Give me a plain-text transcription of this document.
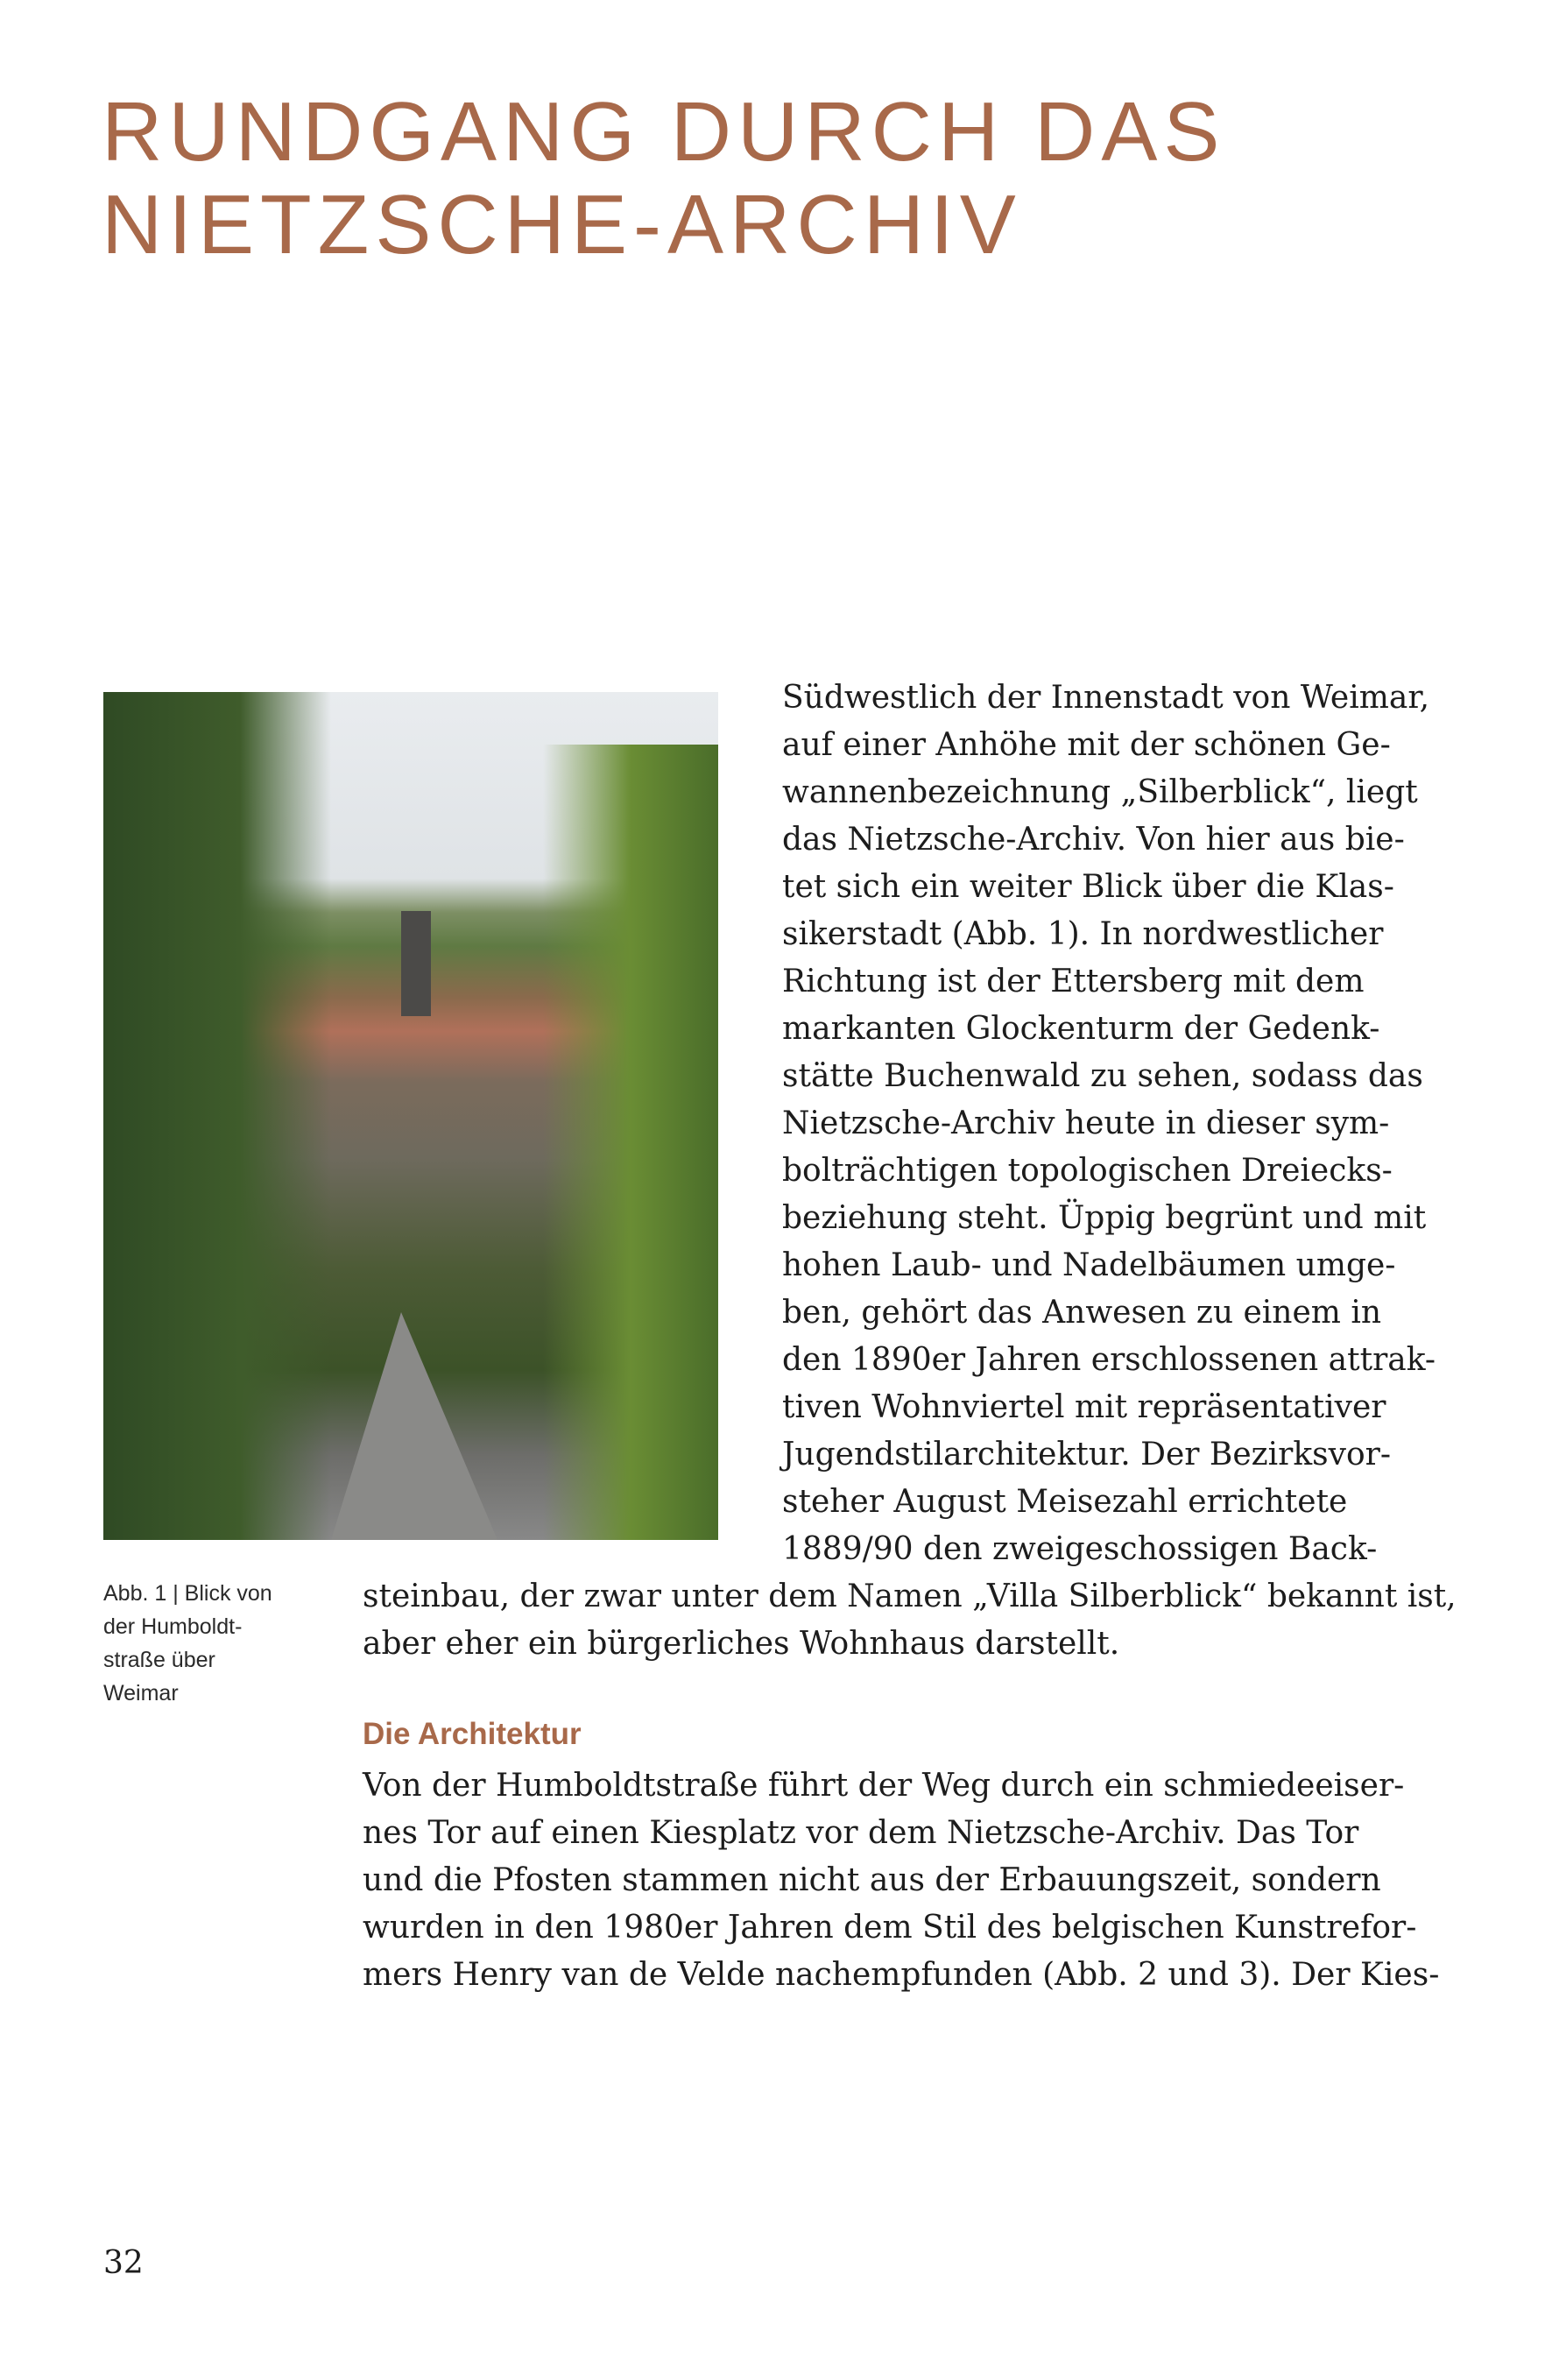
RUNDGANG DURCH DAS
NIETZSCHE-ARCHIV
Südwestlich der Innenstadt von Weimar,
auf einer Anhöhe mit der schönen Ge-
wannenbezeichnung „Silberblick“, liegt
das Nietzsche-Archiv. Von hier aus bie-
tet sich ein weiter Blick über die Klas-
sikerstadt (Abb. 1). In nordwestlicher
Richtung ist der Ettersberg mit dem
markanten Glockenturm der Gedenk-
stätte Buchenwald zu sehen, sodass das
Nietzsche-Archiv heute in dieser sym-
bolträchtigen topologischen Dreiecks-
beziehung steht. Üppig begrünt und mit
hohen Laub- und Nadelbäumen umge-
ben, gehört das Anwesen zu einem in
den 1890er Jahren erschlossenen attrak-
tiven Wohnviertel mit repräsentativer
Jugendstilarchitektur. Der Bezirksvor-
steher August Meisezahl errichtete
1889/90 den zweigeschossigen Back-
steinbau, der zwar unter dem Namen „Villa Silberblick“ bekannt ist,
aber eher ein bürgerliches Wohnhaus darstellt.
Abb. 1 | Blick von
der Humboldt-
straße über
Weimar
Die Architektur
Von der Humboldtstraße führt der Weg durch ein schmiedeeiser-
nes Tor auf einen Kiesplatz vor dem Nietzsche-Archiv. Das Tor
und die Pfosten stammen nicht aus der Erbauungszeit, sondern
wurden in den 1980er Jahren dem Stil des belgischen Kunstrefor-
mers Henry van de Velde nachempfunden (Abb. 2 und 3). Der Kies-
32
